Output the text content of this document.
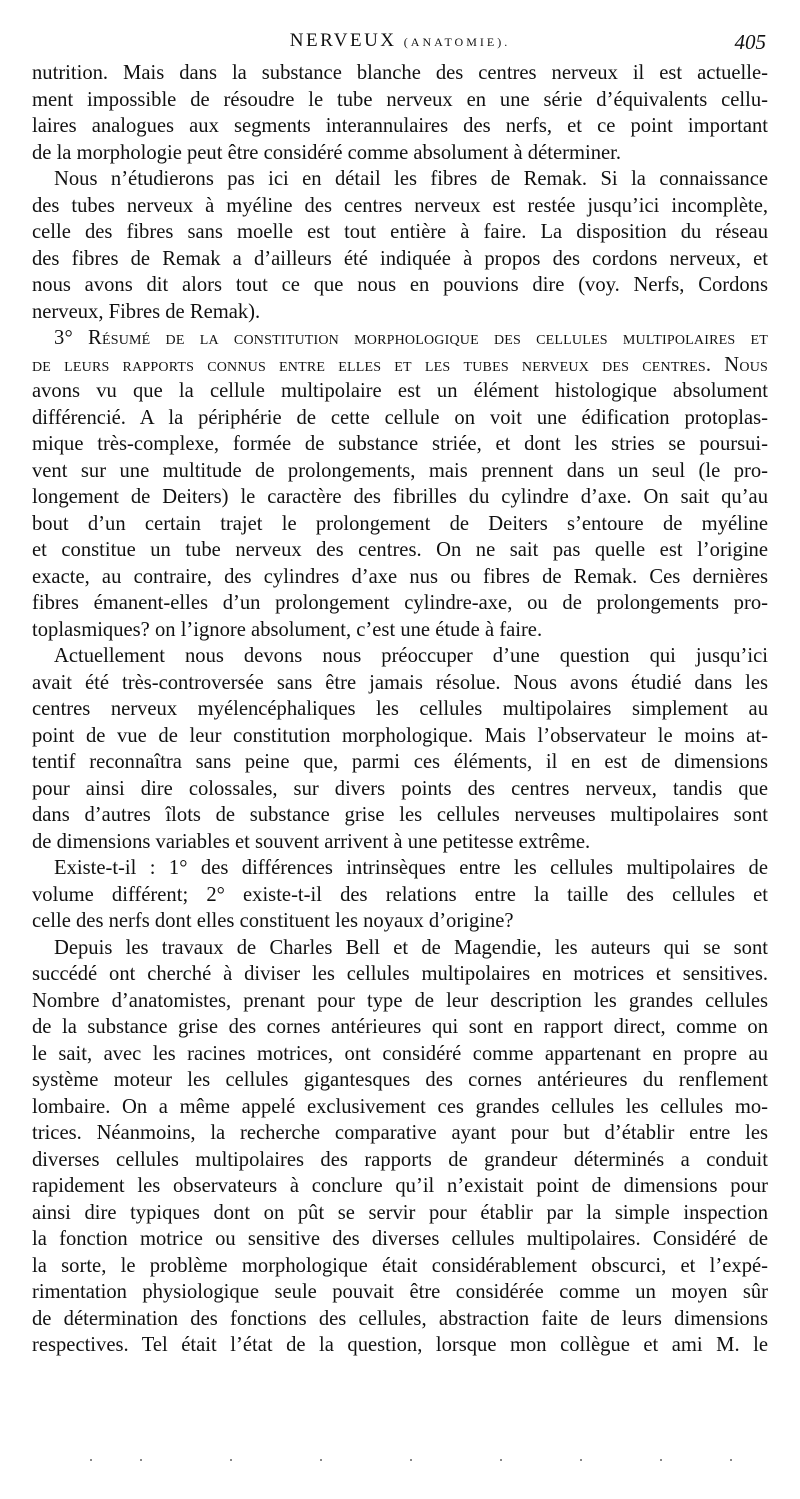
NERVEUX (ANATOMIE).	405
nutrition. Mais dans la substance blanche des centres nerveux il est actuelle-
ment impossible de résoudre le tube nerveux en une série d’équivalents cellu-
laires analogues aux segments interannulaires des nerfs, et ce point important
de la morphologie peut être considéré comme absolument à déterminer.
Nous n’étudierons pas ici en détail les fibres de Remak. Si la connaissance
des tubes nerveux à myéline des centres nerveux est restée jusqu’ici incomplète,
celle des fibres sans moelle est tout entière à faire. La disposition du réseau
des fibres de Remak a d’ailleurs été indiquée à propos des cordons nerveux, et
nous avons dit alors tout ce que nous en pouvions dire (voy. Nerfs, Cordons
nerveux, Fibres de Remak).
3° Résumé de la constitution morphologique des cellules multipolaires et
de leurs rapports connus entre elles et les tubes nerveux des centres. Nous
avons vu que la cellule multipolaire est un élément histologique absolument
différencié. A la périphérie de cette cellule on voit une édification protoplas-
mique très-complexe, formée de substance striée, et dont les stries se poursui-
vent sur une multitude de prolongements, mais prennent dans un seul (le pro-
longement de Deiters) le caractère des fibrilles du cylindre d’axe. On sait qu’au
bout d’un certain trajet le prolongement de Deiters s’entoure de myéline
et constitue un tube nerveux des centres. On ne sait pas quelle est l’origine
exacte, au contraire, des cylindres d’axe nus ou fibres de Remak. Ces dernières
fibres émanent-elles d’un prolongement cylindre-axe, ou de prolongements pro-
toplasmiques? on l’ignore absolument, c’est une étude à faire.
Actuellement nous devons nous préoccuper d’une question qui jusqu’ici
avait été très-controversée sans être jamais résolue. Nous avons étudié dans les
centres nerveux myélencéphaliques les cellules multipolaires simplement au
point de vue de leur constitution morphologique. Mais l’observateur le moins at-
tentif reconnaîtra sans peine que, parmi ces éléments, il en est de dimensions
pour ainsi dire colossales, sur divers points des centres nerveux, tandis que
dans d’autres îlots de substance grise les cellules nerveuses multipolaires sont
de dimensions variables et souvent arrivent à une petitesse extrême.
Existe-t-il : 1° des différences intrinsèques entre les cellules multipolaires de
volume différent; 2° existe-t-il des relations entre la taille des cellules et
celle des nerfs dont elles constituent les noyaux d’origine?
Depuis les travaux de Charles Bell et de Magendie, les auteurs qui se sont
succédé ont cherché à diviser les cellules multipolaires en motrices et sensitives.
Nombre d’anatomistes, prenant pour type de leur description les grandes cellules
de la substance grise des cornes antérieures qui sont en rapport direct, comme on
le sait, avec les racines motrices, ont considéré comme appartenant en propre au
système moteur les cellules gigantesques des cornes antérieures du renflement
lombaire. On a même appelé exclusivement ces grandes cellules les cellules mo-
trices. Néanmoins, la recherche comparative ayant pour but d’établir entre les
diverses cellules multipolaires des rapports de grandeur déterminés a conduit
rapidement les observateurs à conclure qu’il n’existait point de dimensions pour
ainsi dire typiques dont on pût se servir pour établir par la simple inspection
la fonction motrice ou sensitive des diverses cellules multipolaires. Considéré de
la sorte, le problème morphologique était considérablement obscurci, et l’expé-
rimentation physiologique seule pouvait être considérée comme un moyen sûr
de détermination des fonctions des cellules, abstraction faite de leurs dimensions
respectives. Tel était l’état de la question, lorsque mon collègue et ami M. le
